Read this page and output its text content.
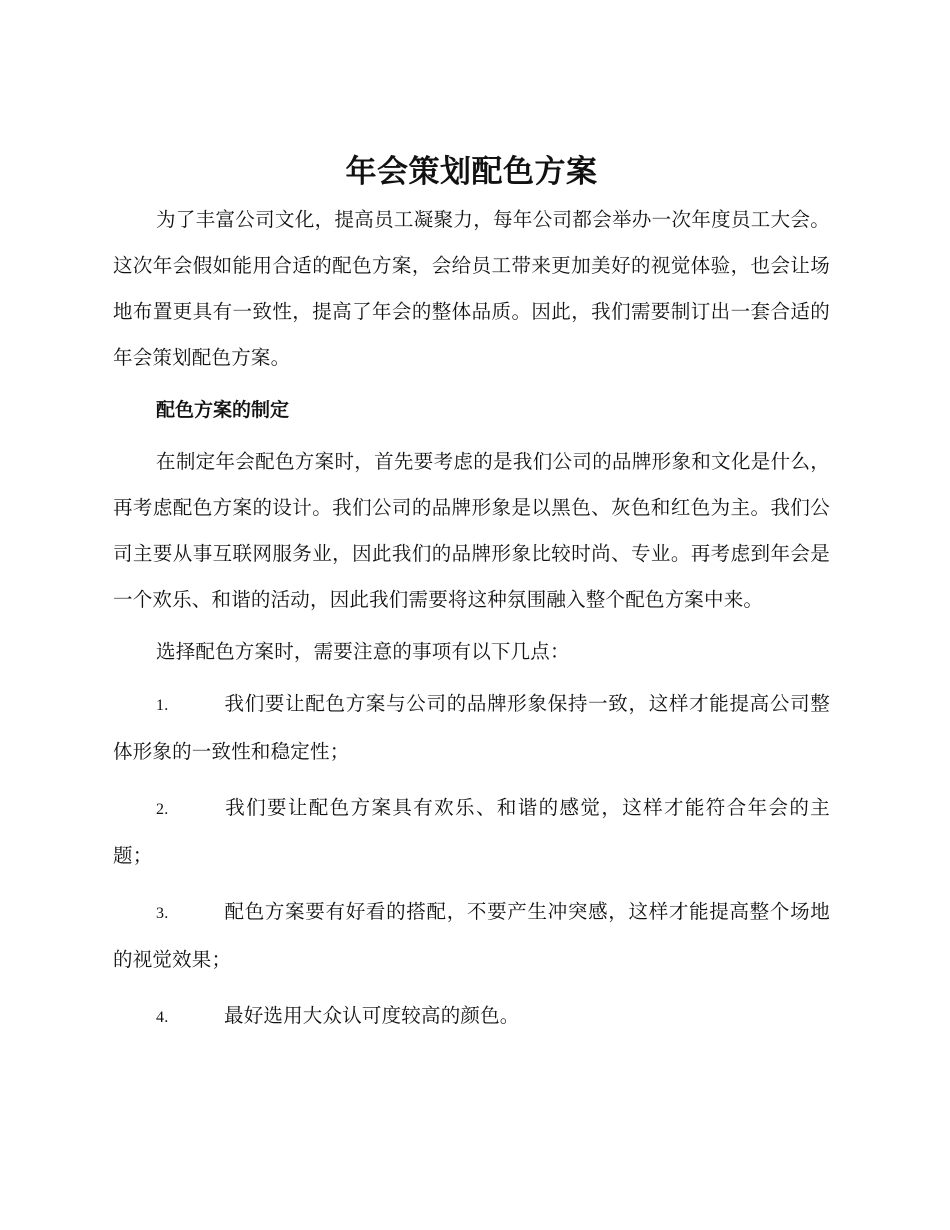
年会策划配色方案

为了丰富公司文化，提高员工凝聚力，每年公司都会举办一次年度员工大会。这次年会假如能用合适的配色方案，会给员工带来更加美好的视觉体验，也会让场地布置更具有一致性，提高了年会的整体品质。因此，我们需要制订出一套合适的年会策划配色方案。

配色方案的制定

在制定年会配色方案时，首先要考虑的是我们公司的品牌形象和文化是什么，再考虑配色方案的设计。我们公司的品牌形象是以黑色、灰色和红色为主。我们公司主要从事互联网服务业，因此我们的品牌形象比较时尚、专业。再考虑到年会是一个欢乐、和谐的活动，因此我们需要将这种氛围融入整个配色方案中来。

选择配色方案时，需要注意的事项有以下几点：

1.	我们要让配色方案与公司的品牌形象保持一致，这样才能提高公司整体形象的一致性和稳定性；
2.	我们要让配色方案具有欢乐、和谐的感觉，这样才能符合年会的主题；
3.	配色方案要有好看的搭配，不要产生冲突感，这样才能提高整个场地的视觉效果；
4.	最好选用大众认可度较高的颜色。
